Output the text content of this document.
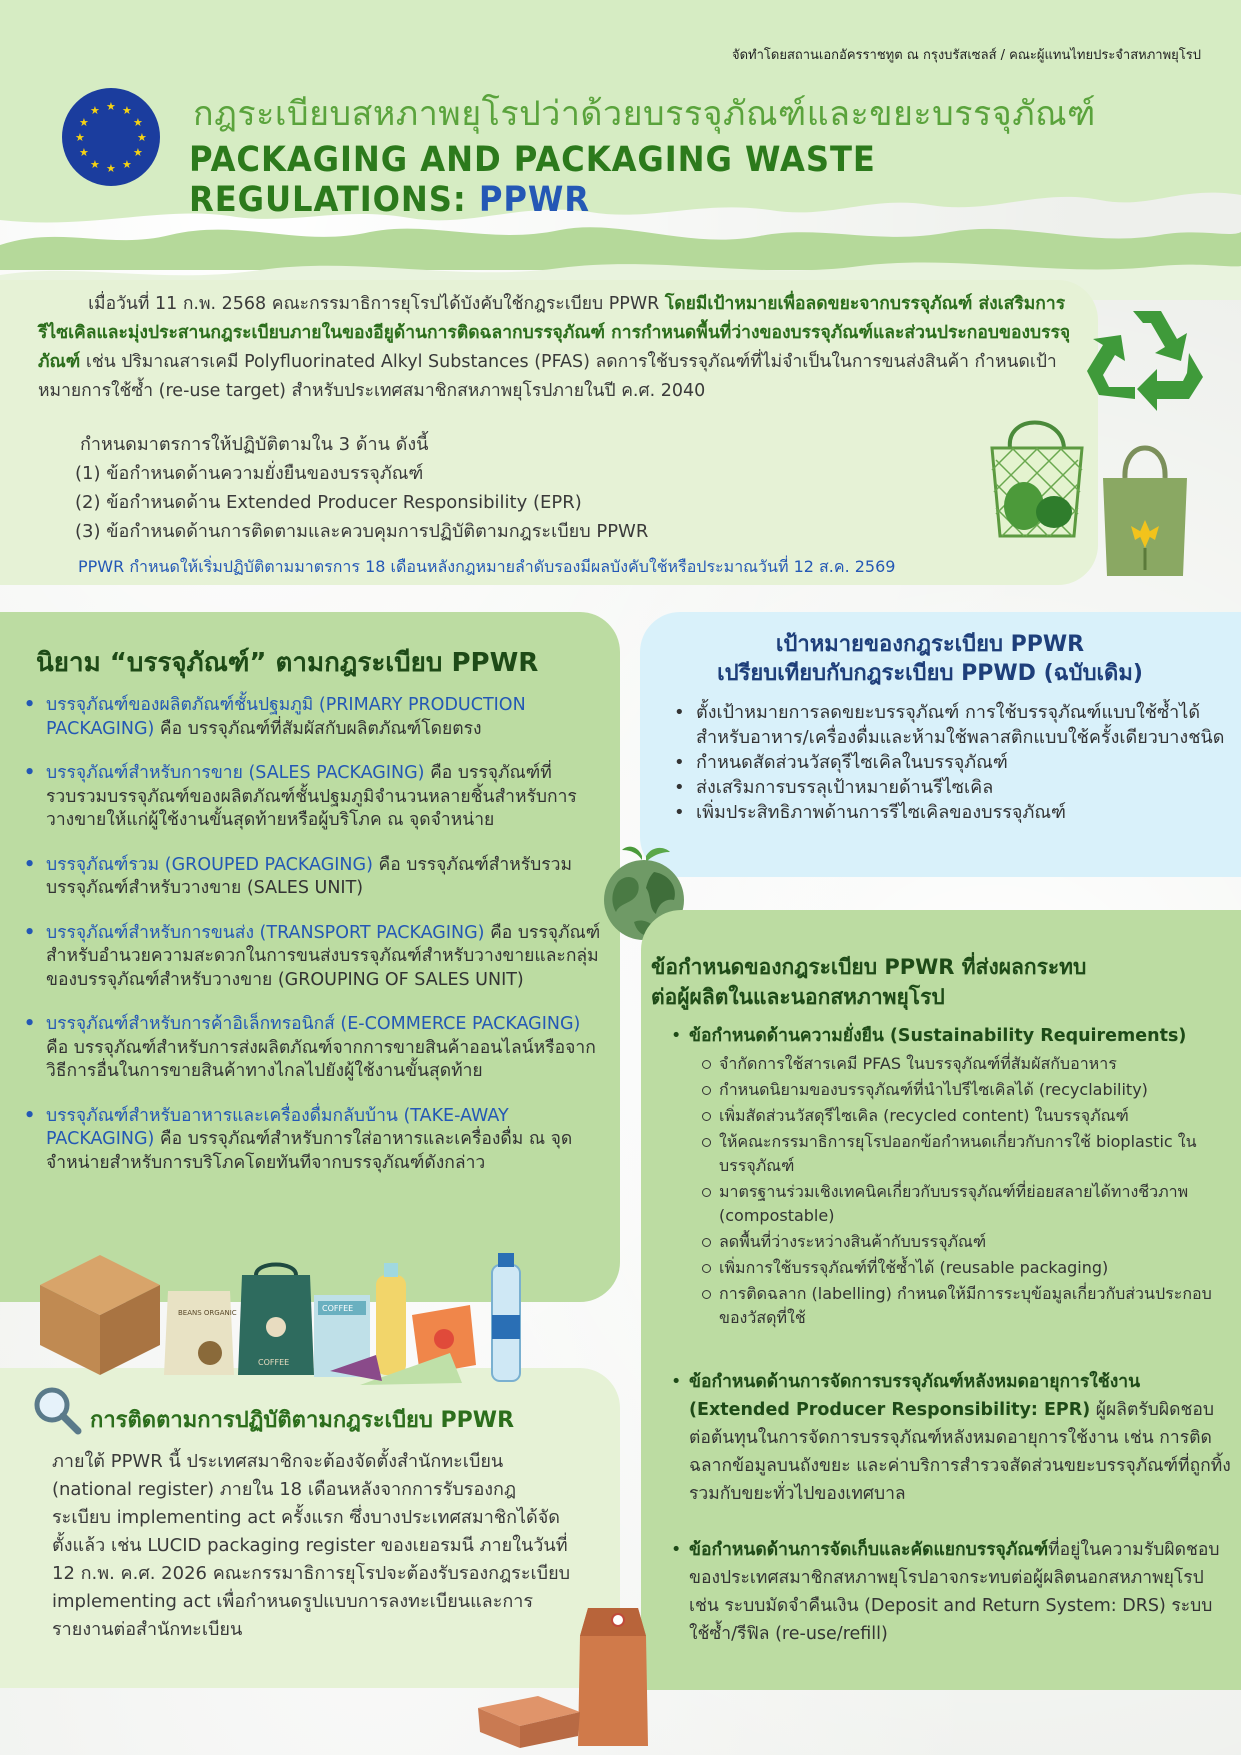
จัดทำโดยสถานเอกอัครราชทูต ณ กรุงบรัสเซลส์ / คณะผู้แทนไทยประจำสหภาพยุโรป
★ ★
★
★
★
★
★
★
★
★
★
★	กฎระเบียบสหภาพยุโรปว่าด้วยบรรจุภัณฑ์และขยะบรรจุภัณฑ์
PACKAGING AND PACKAGING WASTE REGULATIONS: PPWR

เมื่อวันที่ 11 ก.พ. 2568 คณะกรรมาธิการยุโรปได้บังคับใช้กฎระเบียบ PPWR โดยมีเป้าหมายเพื่อลดขยะจากบรรจุภัณฑ์ ส่งเสริมการรีไซเคิลและมุ่งประสานกฎระเบียบภายในของอียูด้านการติดฉลากบรรจุภัณฑ์ การกำหนดพื้นที่ว่างของบรรจุภัณฑ์และส่วนประกอบของบรรจุภัณฑ์ เช่น ปริมาณสารเคมี Polyfluorinated Alkyl Substances (PFAS) ลดการใช้บรรจุภัณฑ์ที่ไม่จำเป็นในการขนส่งสินค้า กำหนดเป้าหมายการใช้ซ้ำ (re-use target) สำหรับประเทศสมาชิกสหภาพยุโรปภายในปี ค.ศ. 2040

กำหนดมาตรการให้ปฏิบัติตามใน 3 ด้าน ดังนี้
(1) ข้อกำหนดด้านความยั่งยืนของบรรจุภัณฑ์
(2) ข้อกำหนดด้าน Extended Producer Responsibility (EPR)
(3) ข้อกำหนดด้านการติดตามและควบคุมการปฏิบัติตามกฎระเบียบ PPWR
PPWR กำหนดให้เริ่มปฏิบัติตามมาตรการ 18 เดือนหลังกฎหมายลำดับรองมีผลบังคับใช้หรือประมาณวันที่ 12 ส.ค. 2569
นิยาม “บรรจุภัณฑ์” ตามกฎระเบียบ PPWR
• บรรจุภัณฑ์ของผลิตภัณฑ์ชั้นปฐมภูมิ (PRIMARY PRODUCTION PACKAGING) คือ บรรจุภัณฑ์ที่สัมผัสกับผลิตภัณฑ์โดยตรง
• บรรจุภัณฑ์สำหรับการขาย (SALES PACKAGING) คือ บรรจุภัณฑ์ที่รวบรวมบรรจุภัณฑ์ของผลิตภัณฑ์ชั้นปฐมภูมิจำนวนหลายชิ้นสำหรับการวางขายให้แก่ผู้ใช้งานขั้นสุดท้ายหรือผู้บริโภค ณ จุดจำหน่าย
• บรรจุภัณฑ์รวม (GROUPED PACKAGING) คือ บรรจุภัณฑ์สำหรับรวมบรรจุภัณฑ์สำหรับวางขาย (SALES UNIT)
• บรรจุภัณฑ์สำหรับการขนส่ง (TRANSPORT PACKAGING) คือ บรรจุภัณฑ์สำหรับอำนวยความสะดวกในการขนส่งบรรจุภัณฑ์สำหรับวางขายและกลุ่มของบรรจุภัณฑ์สำหรับวางขาย (GROUPING OF SALES UNIT)
• บรรจุภัณฑ์สำหรับการค้าอิเล็กทรอนิกส์ (E-COMMERCE PACKAGING) คือ บรรจุภัณฑ์สำหรับการส่งผลิตภัณฑ์จากการขายสินค้าออนไลน์หรือจากวิธีการอื่นในการขายสินค้าทางไกลไปยังผู้ใช้งานขั้นสุดท้าย
• บรรจุภัณฑ์สำหรับอาหารและเครื่องดื่มกลับบ้าน (TAKE-AWAY PACKAGING) คือ บรรจุภัณฑ์สำหรับการใส่อาหารและเครื่องดื่ม ณ จุดจำหน่ายสำหรับการบริโภคโดยทันทีจากบรรจุภัณฑ์ดังกล่าว
เป้าหมายของกฎระเบียบ PPWR
เปรียบเทียบกับกฎระเบียบ PPWD (ฉบับเดิม)
• ตั้งเป้าหมายการลดขยะบรรจุภัณฑ์ การใช้บรรจุภัณฑ์แบบใช้ซ้ำได้สำหรับอาหาร/เครื่องดื่มและห้ามใช้พลาสติกแบบใช้ครั้งเดียวบางชนิด
• กำหนดสัดส่วนวัสดุรีไซเคิลในบรรจุภัณฑ์
• ส่งเสริมการบรรลุเป้าหมายด้านรีไซเคิล
• เพิ่มประสิทธิภาพด้านการรีไซเคิลของบรรจุภัณฑ์
ข้อกำหนดของกฎระเบียบ PPWR ที่ส่งผลกระทบ
ต่อผู้ผลิตในและนอกสหภาพยุโรป
• ข้อกำหนดด้านความยั่งยืน (Sustainability Requirements)
จำกัดการใช้สารเคมี PFAS ในบรรจุภัณฑ์ที่สัมผัสกับอาหาร
กำหนดนิยามของบรรจุภัณฑ์ที่นำไปรีไซเคิลได้ (recyclability)
เพิ่มสัดส่วนวัสดุรีไซเคิล (recycled content) ในบรรจุภัณฑ์
ให้คณะกรรมาธิการยุโรปออกข้อกำหนดเกี่ยวกับการใช้ bioplastic ในบรรจุภัณฑ์
มาตรฐานร่วมเชิงเทคนิคเกี่ยวกับบรรจุภัณฑ์ที่ย่อยสลายได้ทางชีวภาพ (compostable)
ลดพื้นที่ว่างระหว่างสินค้ากับบรรจุภัณฑ์
เพิ่มการใช้บรรจุภัณฑ์ที่ใช้ซ้ำได้ (reusable packaging)
การติดฉลาก (labelling) กำหนดให้มีการระบุข้อมูลเกี่ยวกับส่วนประกอบของวัสดุที่ใช้
• ข้อกำหนดด้านการจัดการบรรจุภัณฑ์หลังหมดอายุการใช้งาน (Extended Producer Responsibility: EPR) ผู้ผลิตรับผิดชอบต่อต้นทุนในการจัดการบรรจุภัณฑ์หลังหมดอายุการใช้งาน เช่น การติดฉลากข้อมูลบนถังขยะ และค่าบริการสำรวจสัดส่วนขยะบรรจุภัณฑ์ที่ถูกทิ้งรวมกับขยะทั่วไปของเทศบาล
• ข้อกำหนดด้านการจัดเก็บและคัดแยกบรรจุภัณฑ์ที่อยู่ในความรับผิดชอบของประเทศสมาชิกสหภาพยุโรปอาจกระทบต่อผู้ผลิตนอกสหภาพยุโรป เช่น ระบบมัดจำคืนเงิน (Deposit and Return System: DRS) ระบบใช้ซ้ำ/รีฟิล (re-use/refill)
การติดตามการปฏิบัติตามกฎระเบียบ PPWR

ภายใต้ PPWR นี้ ประเทศสมาชิกจะต้องจัดตั้งสำนักทะเบียน (national register) ภายใน 18 เดือนหลังจากการรับรองกฎระเบียบ implementing act ครั้งแรก ซึ่งบางประเทศสมาชิกได้จัดตั้งแล้ว เช่น LUCID packaging register ของเยอรมนี ภายในวันที่ 12 ก.พ. ค.ศ. 2026 คณะกรรมาธิการยุโรปจะต้องรับรองกฎระเบียบ implementing act เพื่อกำหนดรูปแบบการลงทะเบียนและการรายงานต่อสำนักทะเบียน

BEANS ORGANIC
COFFEE
COFFEE
